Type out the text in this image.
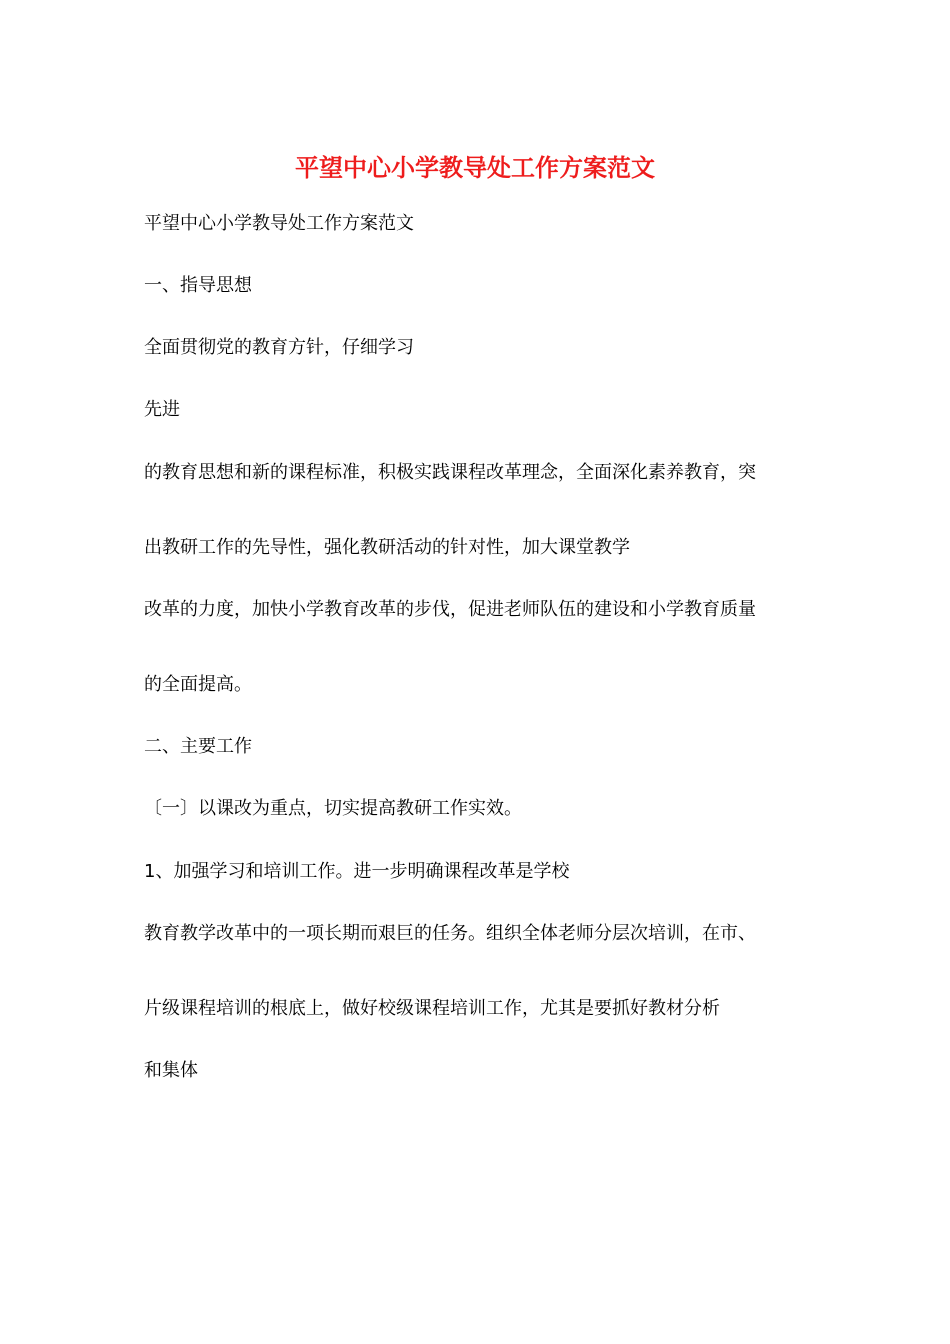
平望中心小学教导处工作方案范文
平望中心小学教导处工作方案范文
一、指导思想
全面贯彻党的教育方针，仔细学习
先进
的教育思想和新的课程标准，积极实践课程改革理念，全面深化素养教育，突
出教研工作的先导性，强化教研活动的针对性，加大课堂教学
改革的力度，加快小学教育改革的步伐，促进老师队伍的建设和小学教育质量
的全面提高。
二、主要工作
〔一〕以课改为重点，切实提高教研工作实效。
1、加强学习和培训工作。进一步明确课程改革是学校
教育教学改革中的一项长期而艰巨的任务。组织全体老师分层次培训，在市、
片级课程培训的根底上，做好校级课程培训工作，尤其是要抓好教材分析
和集体
